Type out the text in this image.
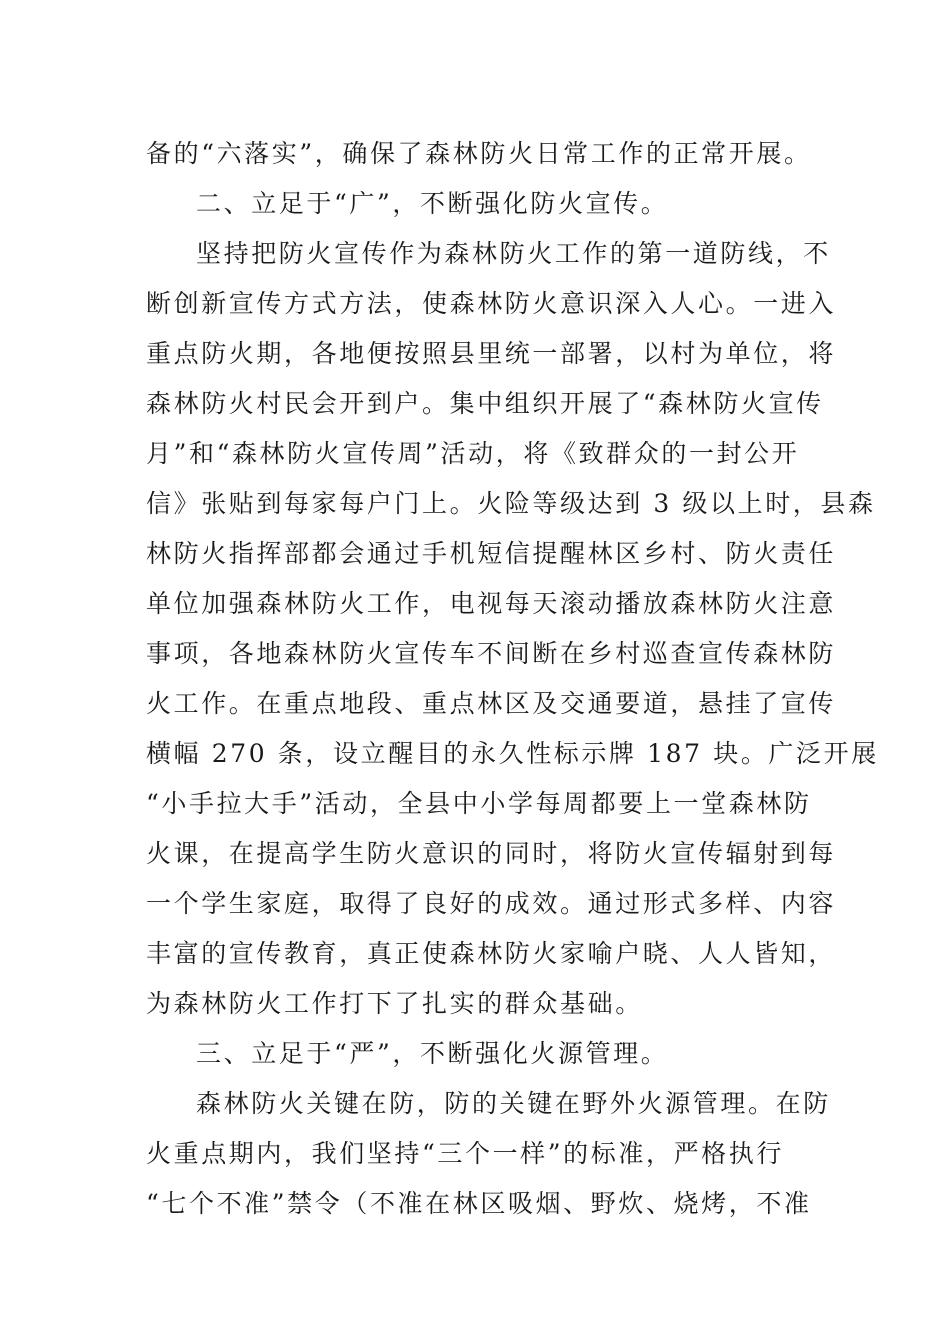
备的“六落实”，确保了森林防火日常工作的正常开展。
二、立足于“广”，不断强化防火宣传。
坚持把防火宣传作为森林防火工作的第一道防线，不
断创新宣传方式方法，使森林防火意识深入人心。一进入
重点防火期，各地便按照县里统一部署，以村为单位，将
森林防火村民会开到户。集中组织开展了“森林防火宣传
月”和“森林防火宣传周”活动，将《致群众的一封公开
信》张贴到每家每户门上。火险等级达到 3 级以上时，县森
林防火指挥部都会通过手机短信提醒林区乡村、防火责任
单位加强森林防火工作，电视每天滚动播放森林防火注意
事项，各地森林防火宣传车不间断在乡村巡查宣传森林防
火工作。在重点地段、重点林区及交通要道，悬挂了宣传
横幅 270 条，设立醒目的永久性标示牌 187 块。广泛开展
“小手拉大手”活动，全县中小学每周都要上一堂森林防
火课，在提高学生防火意识的同时，将防火宣传辐射到每
一个学生家庭，取得了良好的成效。通过形式多样、内容
丰富的宣传教育，真正使森林防火家喻户晓、人人皆知，
为森林防火工作打下了扎实的群众基础。
三、立足于“严”，不断强化火源管理。
森林防火关键在防，防的关键在野外火源管理。在防
火重点期内，我们坚持“三个一样”的标准，严格执行
“七个不准”禁令（不准在林区吸烟、野炊、烧烤，不准
